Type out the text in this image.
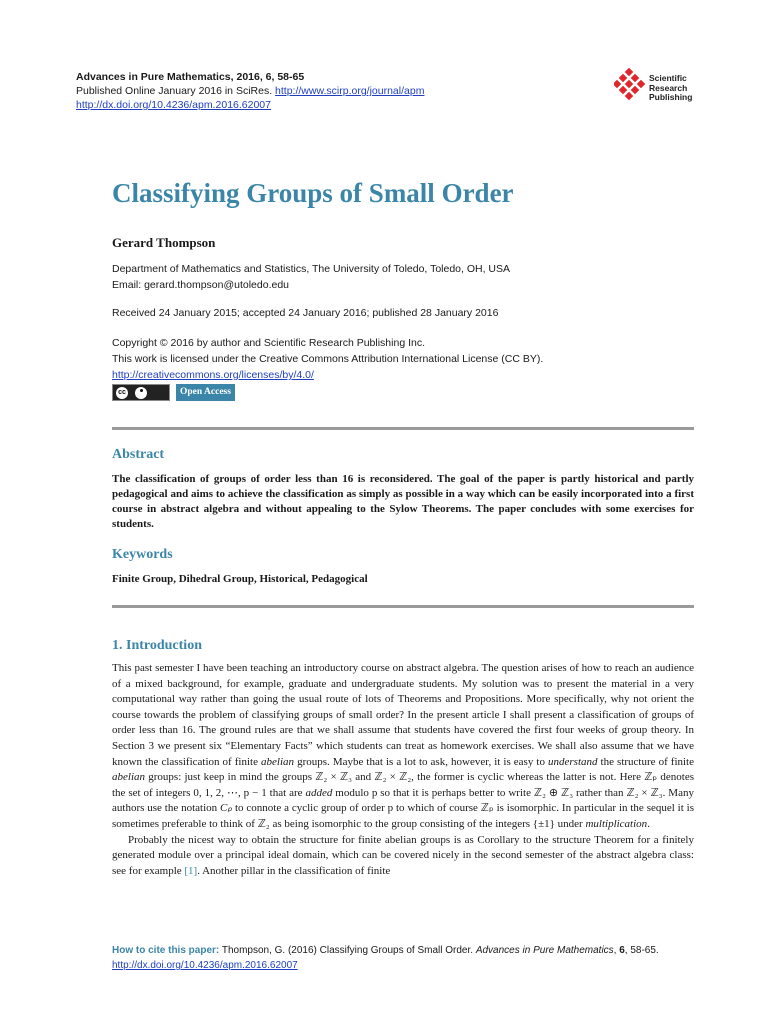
Advances in Pure Mathematics, 2016, 6, 58-65
Published Online January 2016 in SciRes. http://www.scirp.org/journal/apm
http://dx.doi.org/10.4236/apm.2016.62007
Scientific
Research
Publishing
Classifying Groups of Small Order
Gerard Thompson
Department of Mathematics and Statistics, The University of Toledo, Toledo, OH, USA
Email: gerard.thompson@utoledo.edu
Received 24 January 2015; accepted 24 January 2016; published 28 January 2016
Copyright © 2016 by author and Scientific Research Publishing Inc.
This work is licensed under the Creative Commons Attribution International License (CC BY).
http://creativecommons.org/licenses/by/4.0/
cc	Open Access
Abstract
The classification of groups of order less than 16 is reconsidered. The goal of the paper is partly historical and partly pedagogical and aims to achieve the classification as simply as possible in a way which can be easily incorporated into a first course in abstract algebra and without appealing to the Sylow Theorems. The paper concludes with some exercises for students.
Keywords
Finite Group, Dihedral Group, Historical, Pedagogical
1. Introduction

This past semester I have been teaching an introductory course on abstract algebra. The question arises of how to reach an audience of a mixed background, for example, graduate and undergraduate students. My solution was to present the material in a very computational way rather than going the usual route of lots of Theorems and Propositions. More specifically, why not orient the course towards the problem of classifying groups of small order? In the present article I shall present a classification of groups of order less than 16. The ground rules are that we shall assume that students have covered the first four weeks of group theory. In Section 3 we present six “Elementary Facts” which students can treat as homework exercises. We shall also assume that we have known the classification of finite abelian groups. Maybe that is a lot to ask, however, it is easy to understand the structure of finite abelian groups: just keep in mind the groups ℤ₂ × ℤ₃ and ℤ₂ × ℤ₂, the former is cyclic whereas the latter is not. Here ℤₚ denotes the set of integers 0, 1, 2, ⋯, p − 1 that are added modulo p so that it is perhaps better to write ℤ₂ ⊕ ℤ₃ rather than ℤ₂ × ℤ₃. Many authors use the notation Cₚ to connote a cyclic group of order p to which of course ℤₚ is isomorphic. In particular in the sequel it is sometimes preferable to think of ℤ₂ as being isomorphic to the group consisting of the integers {±1} under multiplication.

Probably the nicest way to obtain the structure for finite abelian groups is as Corollary to the structure Theorem for a finitely generated module over a principal ideal domain, which can be covered nicely in the second semester of the abstract algebra class: see for example [1]. Another pillar in the classification of finite

How to cite this paper: Thompson, G. (2016) Classifying Groups of Small Order. Advances in Pure Mathematics, 6, 58-65.
http://dx.doi.org/10.4236/apm.2016.62007
